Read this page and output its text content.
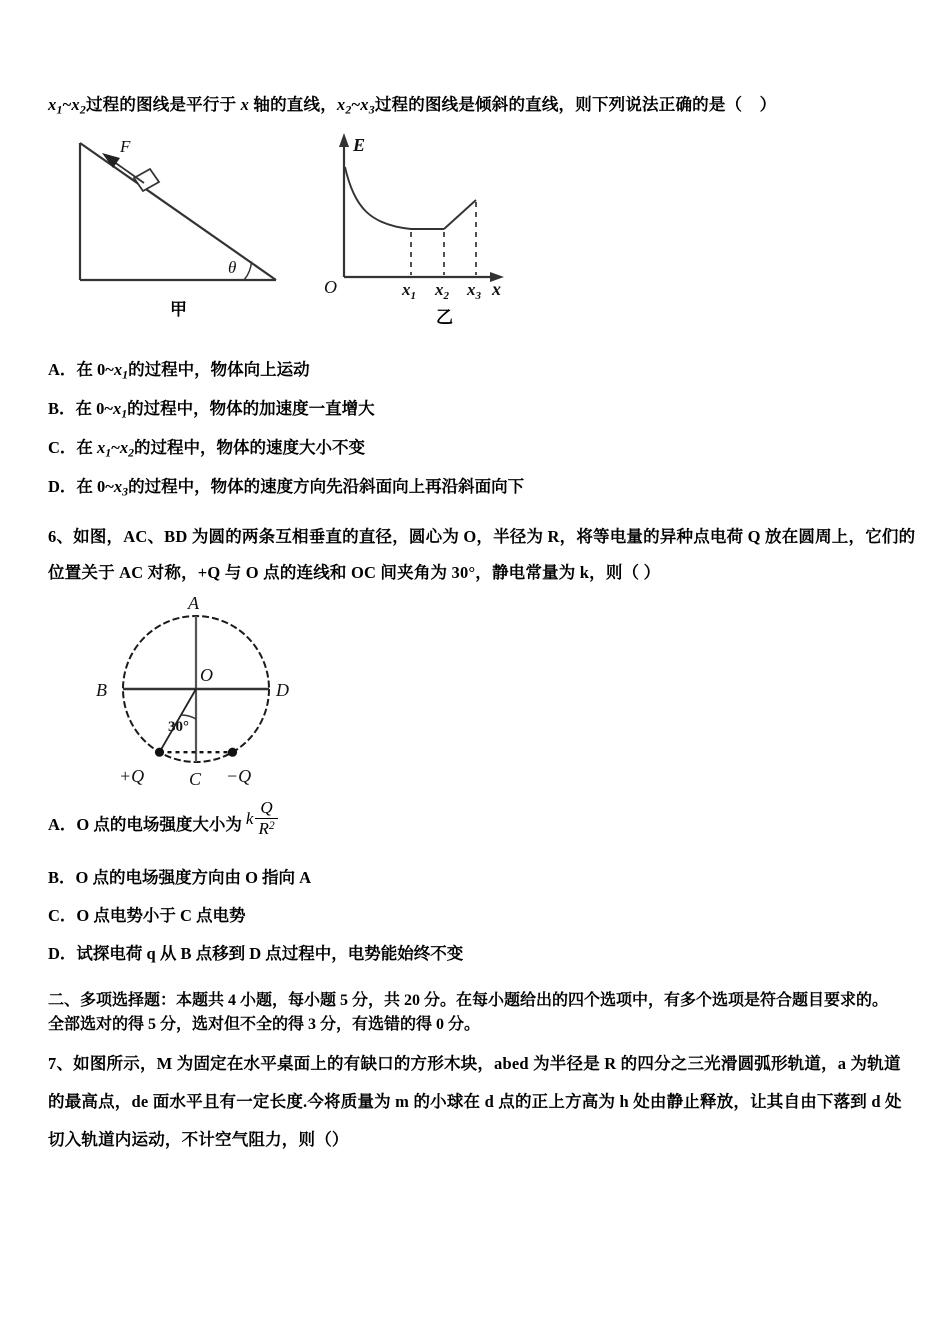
$x_1\sim x_2$过程的图线是平行于 x 轴的直线，$x_2\sim x_3$过程的图线是倾斜的直线，则下列说法正确的是（ ）

F
θ
甲
E
O	$x_1$ $x_2$ $x_3$ x
乙

A．在 $0\sim x_1$的过程中，物体向上运动

B．在 $0\sim x_1$的过程中，物体的加速度一直增大

C．在 $x_1\sim x_2$的过程中，物体的速度大小不变

D．在 $0\sim x_3$的过程中，物体的速度方向先沿斜面向上再沿斜面向下

6、如图，AC、BD 为圆的两条互相垂直的直径，圆心为 O，半径为 R，将等电量的异种点电荷 Q 放在圆周上，它们的

位置关于 AC 对称，+Q 与 O 点的连线和 OC 间夹角为 30°，静电常量为 k，则（ ）

A
B
C
D
O
30°
+Q	−Q
A． O 点的电场强度大小为 k $\frac{Q}{R^2}$

B．O 点的电场强度方向由 O 指向 A

C．O 点电势小于 C 点电势

D．试探电荷 q 从 B 点移到 D 点过程中，电势能始终不变

二、多项选择题：本题共 4 小题，每小题 5 分，共 20 分。在每小题给出的四个选项中，有多个选项是符合题目要求的。

全部选对的得 5 分，选对但不全的得 3 分，有选错的得 0 分。

7、如图所示，M 为固定在水平桌面上的有缺口的方形木块，abed 为半径是 R 的四分之三光滑圆弧形轨道，a 为轨道

的最高点，de 面水平且有一定长度.今将质量为 m 的小球在 d 点的正上方高为 h 处由静止释放，让其自由下落到 d 处

切入轨道内运动，不计空气阻力，则（）
